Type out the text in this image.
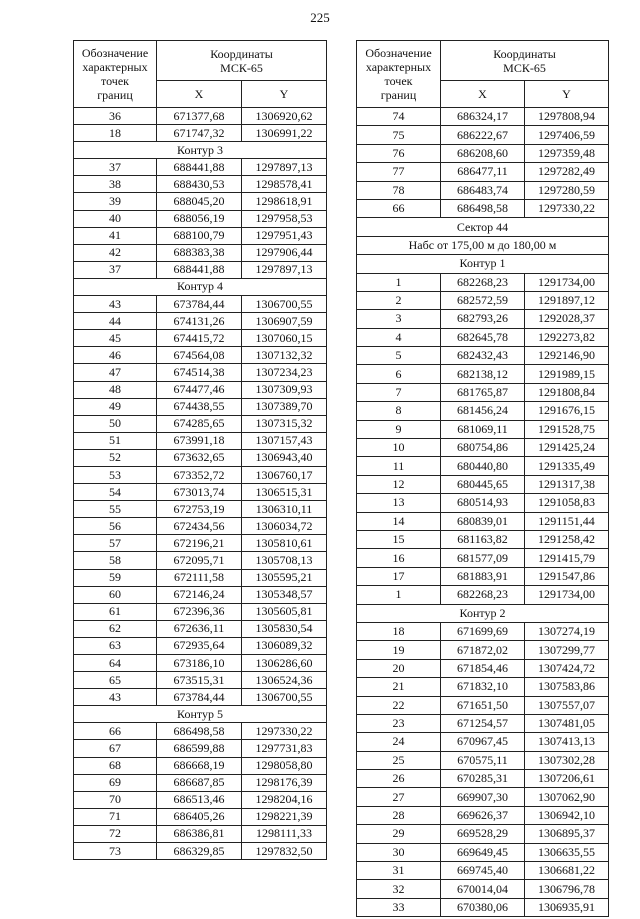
225
Обозначение
характерных
точек
границ	Координаты
МСК-65	
	X	Y
36	671377,68	1306920,62
18	671747,32	1306991,22
Контур 3		
37	688441,88	1297897,13
38	688430,53	1298578,41
39	688045,20	1298618,91
40	688056,19	1297958,53
41	688100,79	1297951,43
42	688383,38	1297906,44
37	688441,88	1297897,13
Контур 4		
43	673784,44	1306700,55
44	674131,26	1306907,59
45	674415,72	1307060,15
46	674564,08	1307132,32
47	674514,38	1307234,23
48	674477,46	1307309,93
49	674438,55	1307389,70
50	674285,65	1307315,32
51	673991,18	1307157,43
52	673632,65	1306943,40
53	673352,72	1306760,17
54	673013,74	1306515,31
55	672753,19	1306310,11
56	672434,56	1306034,72
57	672196,21	1305810,61
58	672095,71	1305708,13
59	672111,58	1305595,21
60	672146,24	1305348,57
61	672396,36	1305605,81
62	672636,11	1305830,54
63	672935,64	1306089,32
64	673186,10	1306286,60
65	673515,31	1306524,36
43	673784,44	1306700,55
Контур 5		
66	686498,58	1297330,22
67	686599,88	1297731,83
68	686668,19	1298058,80
69	686687,85	1298176,39
70	686513,46	1298204,16
71	686405,26	1298221,39
72	686386,81	1298111,33
73	686329,85	1297832,50
Обозначение
характерных
точек
границ	Координаты
МСК-65	
	X	Y
74	686324,17	1297808,94
75	686222,67	1297406,59
76	686208,60	1297359,48
77	686477,11	1297282,49
78	686483,74	1297280,59
66	686498,58	1297330,22
Сектор 44		
Набс от 175,00 м до 180,00 м		
Контур 1		
1	682268,23	1291734,00
2	682572,59	1291897,12
3	682793,26	1292028,37
4	682645,78	1292273,82
5	682432,43	1292146,90
6	682138,12	1291989,15
7	681765,87	1291808,84
8	681456,24	1291676,15
9	681069,11	1291528,75
10	680754,86	1291425,24
11	680440,80	1291335,49
12	680445,65	1291317,38
13	680514,93	1291058,83
14	680839,01	1291151,44
15	681163,82	1291258,42
16	681577,09	1291415,79
17	681883,91	1291547,86
1	682268,23	1291734,00
Контур 2		
18	671699,69	1307274,19
19	671872,02	1307299,77
20	671854,46	1307424,72
21	671832,10	1307583,86
22	671651,50	1307557,07
23	671254,57	1307481,05
24	670967,45	1307413,13
25	670575,11	1307302,28
26	670285,31	1307206,61
27	669907,30	1307062,90
28	669626,37	1306942,10
29	669528,29	1306895,37
30	669649,45	1306635,55
31	669745,40	1306681,22
32	670014,04	1306796,78
33	670380,06	1306935,91
